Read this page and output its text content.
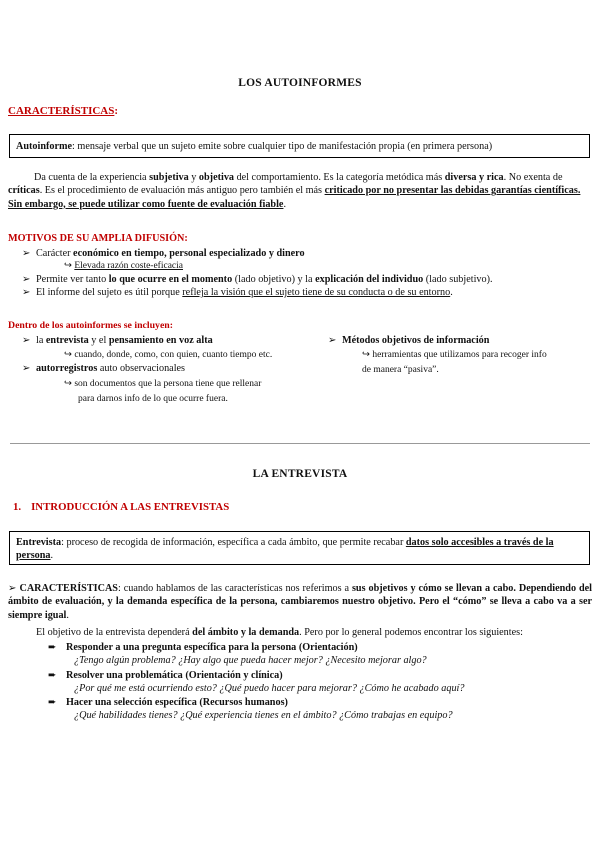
LOS AUTOINFORMES
CARACTERÍSTICAS:
Autoinforme: mensaje verbal que un sujeto emite sobre cualquier tipo de manifestación propia (en primera persona)
Da cuenta de la experiencia subjetiva y objetiva del comportamiento. Es la categoría metódica más diversa y rica. No exenta de críticas. Es el procedimiento de evaluación más antiguo pero también el más criticado por no presentar las debidas garantías científicas. Sin embargo, se puede utilizar como fuente de evaluación fiable.
MOTIVOS DE SU AMPLIA DIFUSIÓN:
➢ Carácter económico en tiempo, personal especializado y dinero
↪ Elevada razón coste-eficacia
➢ Permite ver tanto lo que ocurre en el momento (lado objetivo) y la explicación del individuo (lado subjetivo).
➢ El informe del sujeto es útil porque refleja la visión que el sujeto tiene de su conducta o de su entorno.
Dentro de los autoinformes se incluyen:
➢ la entrevista y el pensamiento en voz alta
↪ cuando, donde, como, con quien, cuanto tiempo etc.
➢ autorregistros auto observacionales
↪ son documentos que la persona tiene que rellenar
para darnos info de lo que ocurre fuera.
➢ Métodos objetivos de información
↪ herramientas que utilizamos para recoger info
de manera “pasiva”.
LA ENTREVISTA
1. INTRODUCCIÓN A LAS ENTREVISTAS
Entrevista: proceso de recogida de información, específica a cada ámbito, que permite recabar datos solo accesibles a través de la persona.
➢ CARACTERÍSTICAS: cuando hablamos de las características nos referimos a sus objetivos y cómo se llevan a cabo. Dependiendo del ámbito de evaluación, y la demanda específica de la persona, cambiaremos nuestro objetivo. Pero el “cómo” se lleva a cabo va a ser siempre igual.
El objetivo de la entrevista dependerá del ámbito y la demanda. Pero por lo general podemos encontrar los siguientes:
➨ Responder a una pregunta específica para la persona (Orientación)
¿Tengo algún problema? ¿Hay algo que pueda hacer mejor? ¿Necesito mejorar algo?
➨ Resolver una problemática (Orientación y clínica)
¿Por qué me está ocurriendo esto? ¿Qué puedo hacer para mejorar? ¿Cómo he acabado aquí?
➨ Hacer una selección específica (Recursos humanos)
¿Qué habilidades tienes? ¿Qué experiencia tienes en el ámbito? ¿Cómo trabajas en equipo?
